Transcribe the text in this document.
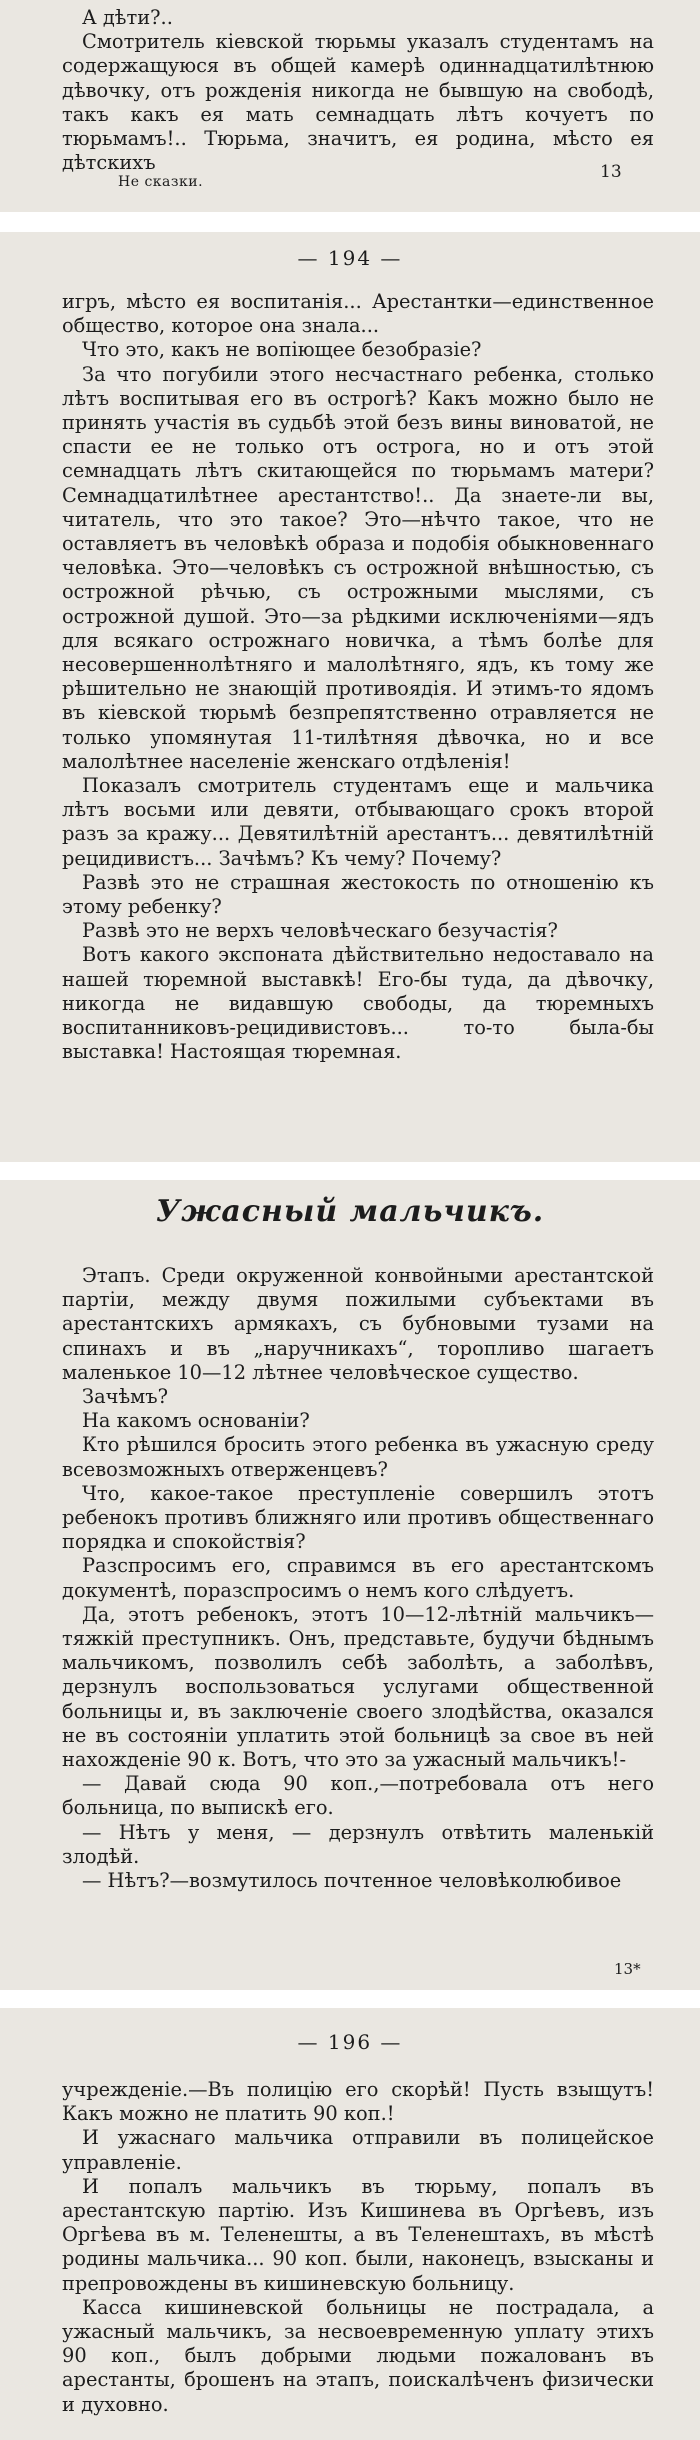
А дѣти?..

Смотритель кіевской тюрьмы указалъ студентамъ на содержащуюся въ общей камерѣ одиннадцатилѣтнюю дѣвочку, отъ рожденія никогда не бывшую на свободѣ, такъ какъ ея мать семнадцать лѣтъ кочуетъ по тюрьмамъ!.. Тюрьма, значитъ, ея родина, мѣсто ея дѣтскихъ

Не сказки.	13
— 194 —

игръ, мѣсто ея воспитанія... Арестантки—единственное общество, которое она знала...

Что это, какъ не вопіющее безобразіе?

За что погубили этого несчастнаго ребенка, столько лѣтъ воспитывая его въ острогѣ? Какъ можно было не принять участія въ судьбѣ этой безъ вины виноватой, не спасти ее не только отъ острога, но и отъ этой семнадцать лѣтъ скитающейся по тюрьмамъ матери? Семнадцатилѣтнее арестантство!.. Да знаете-ли вы, читатель, что это такое? Это—нѣчто такое, что не оставляетъ въ человѣкѣ образа и подобія обыкновеннаго человѣка. Это—человѣкъ съ острожной внѣшностью, съ острожной рѣчью, съ острожными мыслями, съ острожной душой. Это—за рѣдкими исключеніями—ядъ для всякаго острожнаго новичка, а тѣмъ болѣе для несовершеннолѣтняго и малолѣтняго, ядъ, къ тому же рѣшительно не знающій противоядія. И этимъ-то ядомъ въ кіевской тюрьмѣ безпрепятственно отравляется не только упомянутая 11-тилѣтняя дѣвочка, но и все малолѣтнее населеніе женскаго отдѣленія!

Показалъ смотритель студентамъ еще и мальчика лѣтъ восьми или девяти, отбывающаго срокъ второй разъ за кражу... Девятилѣтній арестантъ... девятилѣтній рецидивистъ... Зачѣмъ? Къ чему? Почему?

Развѣ это не страшная жестокость по отношенію къ этому ребенку?

Развѣ это не верхъ человѣческаго безучастія?

Вотъ какого экспоната дѣйствительно недоставало на нашей тюремной выставкѣ! Его-бы туда, да дѣвочку, никогда не видавшую свободы, да тюремныхъ воспитанниковъ-рецидивистовъ... то-то была-бы выставка! Настоящая тюремная.

Ужасный мальчикъ.

Этапъ. Среди окруженной конвойными арестантской партіи, между двумя пожилыми субъектами въ арестантскихъ армякахъ, съ бубновыми тузами на спинахъ и въ „наручникахъ“, торопливо шагаетъ маленькое 10—12 лѣтнее человѣческое существо.

Зачѣмъ?

На какомъ основаніи?

Кто рѣшился бросить этого ребенка въ ужасную среду всевозможныхъ отверженцевъ?

Что, какое-такое преступленіе совершилъ этотъ ребенокъ противъ ближняго или противъ общественнаго порядка и спокойствія?

Разспросимъ его, справимся въ его арестантскомъ документѣ, поразспросимъ о немъ кого слѣдуетъ.

Да, этотъ ребенокъ, этотъ 10—12-лѣтній мальчикъ—тяжкій преступникъ. Онъ, представьте, будучи бѣднымъ мальчикомъ, позволилъ себѣ заболѣть, а заболѣвъ, дерзнулъ воспользоваться услугами общественной больницы и, въ заключеніе своего злодѣйства, оказался не въ состояніи уплатить этой больницѣ за свое въ ней нахожденіе 90 к. Вотъ, что это за ужасный мальчикъ!-

— Давай сюда 90 коп.,—потребовала отъ него больница, по выпискѣ его.

— Нѣтъ у меня, — дерзнулъ отвѣтить маленькій злодѣй.

— Нѣтъ?—возмутилось почтенное человѣколюбивое

13*
— 196 —

учрежденіе.—Въ полицію его скорѣй! Пусть взыщутъ! Какъ можно не платить 90 коп.!

И ужаснаго мальчика отправили въ полицейское управленіе.

И попалъ мальчикъ въ тюрьму, попалъ въ арестантскую партію. Изъ Кишинева въ Оргѣевъ, изъ Оргѣева въ м. Теленешты, а въ Теленештахъ, въ мѣстѣ родины мальчика... 90 коп. были, наконецъ, взысканы и препровождены въ кишиневскую больницу.

Касса кишиневской больницы не пострадала, а ужасный мальчикъ, за несвоевременную уплату этихъ 90 коп., былъ добрыми людьми пожалованъ въ арестанты, брошенъ на этапъ, поискалѣченъ физически и духовно.
